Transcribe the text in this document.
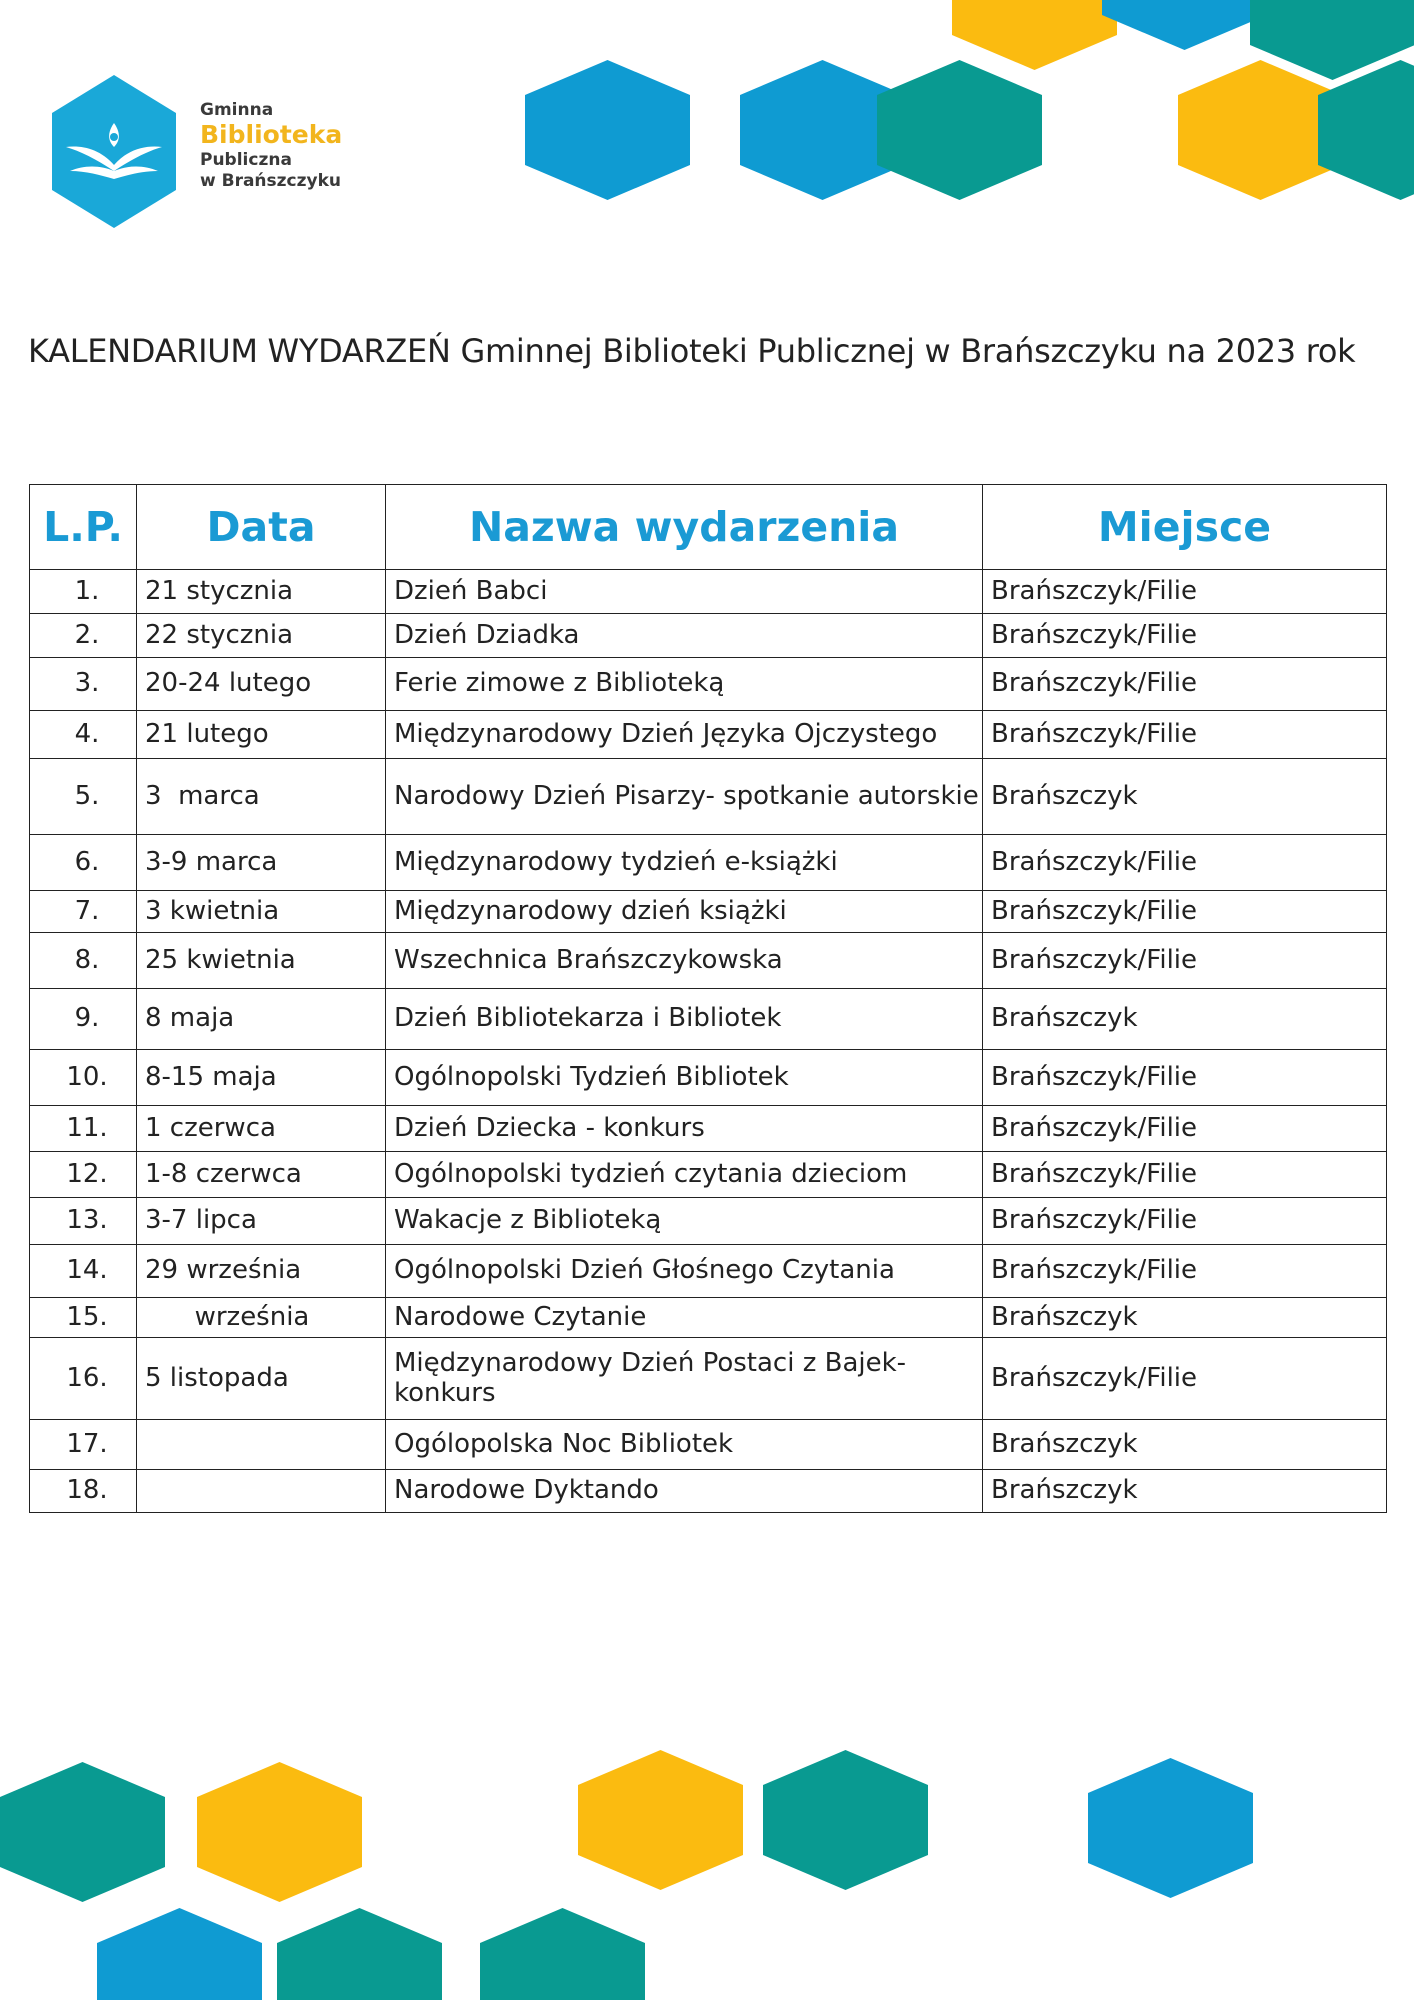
Gminna
Biblioteka
Publiczna
w Brańszczyku
KALENDARIUM WYDARZEŃ Gminnej Biblioteki Publicznej w Brańszczyku na 2023 rok
L.P.	Data	Nazwa wydarzenia	Miejsce
1.	21 stycznia	Dzień Babci	Brańszczyk/Filie
2.	22 stycznia	Dzień Dziadka	Brańszczyk/Filie
3.	20-24 lutego	Ferie zimowe z Biblioteką	Brańszczyk/Filie
4.	21 lutego	Międzynarodowy Dzień Języka Ojczystego	Brańszczyk/Filie
5.	3  marca	Narodowy Dzień Pisarzy- spotkanie autorskie	Brańszczyk
6.	3-9 marca	Międzynarodowy tydzień e-książki	Brańszczyk/Filie
7.	3 kwietnia	Międzynarodowy dzień książki	Brańszczyk/Filie
8.	25 kwietnia	Wszechnica Brańszczykowska	Brańszczyk/Filie
9.	8 maja	Dzień Bibliotekarza i Bibliotek	Brańszczyk
10.	8-15 maja	Ogólnopolski Tydzień Bibliotek	Brańszczyk/Filie
11.	1 czerwca	Dzień Dziecka - konkurs	Brańszczyk/Filie
12.	1-8 czerwca	Ogólnopolski tydzień czytania dzieciom	Brańszczyk/Filie
13.	3-7 lipca	Wakacje z Biblioteką	Brańszczyk/Filie
14.	29 września	Ogólnopolski Dzień Głośnego Czytania	Brańszczyk/Filie
15.	września	Narodowe Czytanie	Brańszczyk
16.	5 listopada	Międzynarodowy Dzień Postaci z Bajek- konkurs	Brańszczyk/Filie
17.		Ogólopolska Noc Bibliotek	Brańszczyk
18.		Narodowe Dyktando	Brańszczyk
